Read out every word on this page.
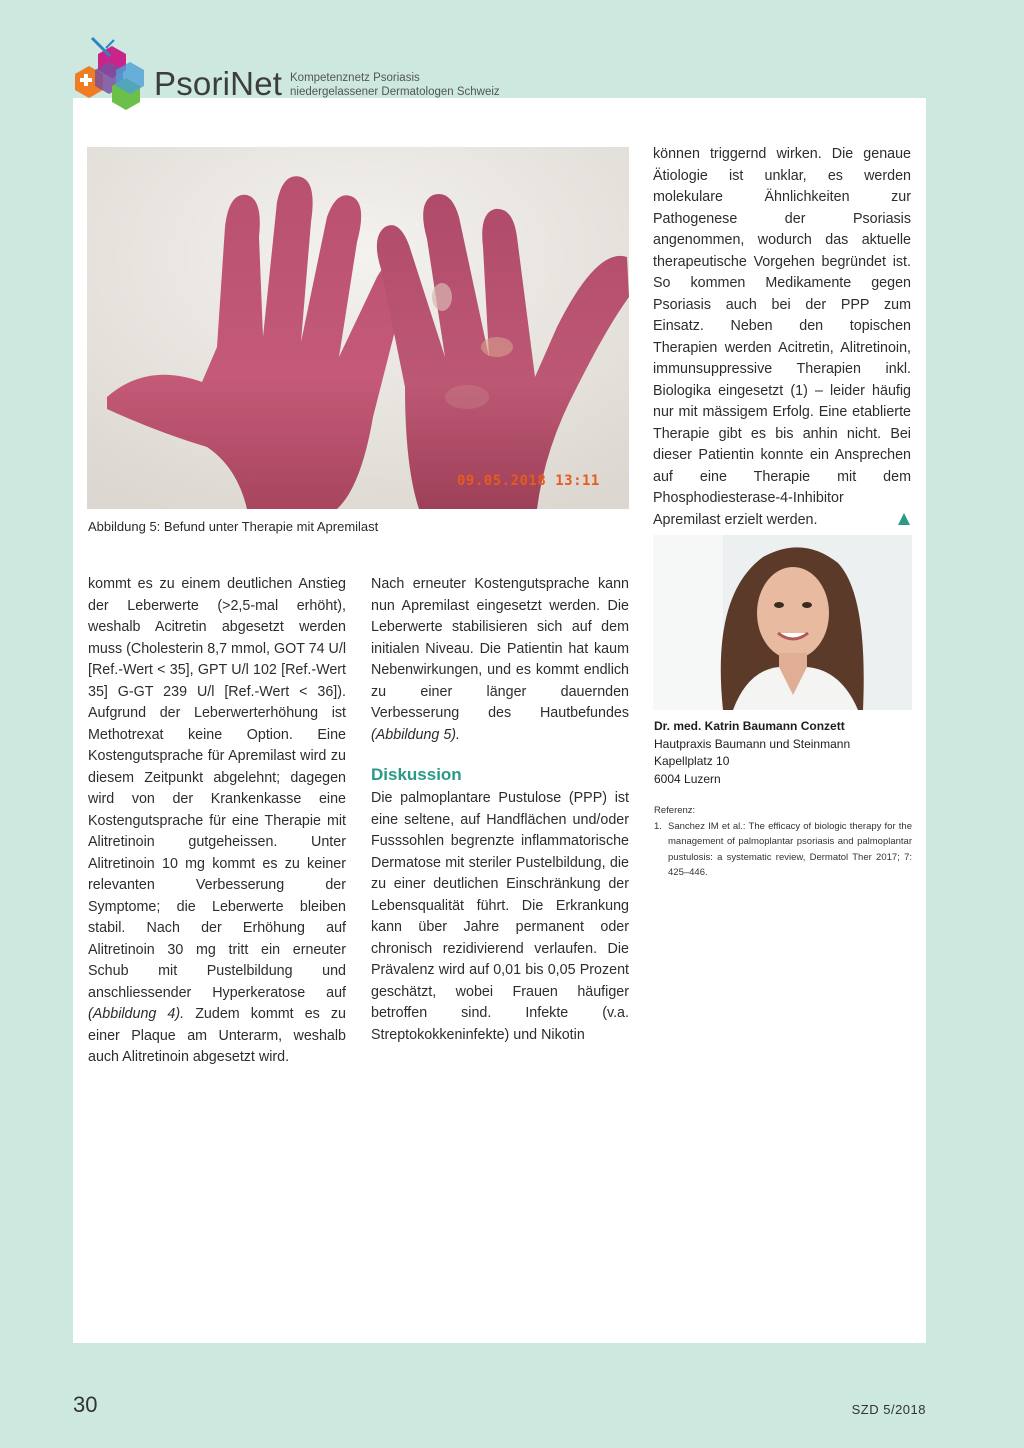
PsoriNet Kompetenznetz Psoriasis
niedergelassener Dermatologen Schweiz
09.05.2018 13:11
Abbildung 5: Befund unter Therapie mit Apremilast

kommt es zu einem deutlichen Anstieg der Leberwerte (>2,5-mal erhöht), weshalb Acitretin abgesetzt werden muss (Cholesterin 8,7 mmol, GOT 74 U/l [Ref.-Wert < 35], GPT U/l 102 [Ref.-Wert 35] G-GT 239 U/l [Ref.-Wert < 36]). Aufgrund der Leberwerterhöhung ist Methotrexat keine Option. Eine Kostengutsprache für Apremilast wird zu diesem Zeitpunkt abgelehnt; dagegen wird von der Krankenkasse eine Kostengutsprache für eine Therapie mit Alitretinoin gutgeheissen. Unter Alitretinoin 10 mg kommt es zu keiner relevanten Verbesserung der Symptome; die Leberwerte bleiben stabil. Nach der Erhöhung auf Alitretinoin 30 mg tritt ein erneuter Schub mit Pustelbildung und anschliessender Hyperkeratose auf (Abbildung 4). Zudem kommt es zu einer Plaque am Unterarm, weshalb auch Alitretinoin abgesetzt wird.

Nach erneuter Kostengutsprache kann nun Apremilast eingesetzt werden. Die Leberwerte stabilisieren sich auf dem initialen Niveau. Die Patientin hat kaum Nebenwirkungen, und es kommt endlich zu einer länger dauernden Verbesserung des Hautbefundes (Abbildung 5).

Diskussion

Die palmoplantare Pustulose (PPP) ist eine seltene, auf Handflächen und/oder Fusssohlen begrenzte inflammatorische Dermatose mit steriler Pustelbildung, die zu einer deutlichen Einschränkung der Lebensqualität führt. Die Erkrankung kann über Jahre permanent oder chronisch rezidivierend verlaufen. Die Prävalenz wird auf 0,01 bis 0,05 Prozent geschätzt, wobei Frauen häufiger betroffen sind. Infekte (v.a. Streptokokkeninfekte) und Nikotin

können triggernd wirken. Die genaue Ätiologie ist unklar, es werden molekulare Ähnlichkeiten zur Pathogenese der Psoriasis angenommen, wodurch das aktuelle therapeutische Vorgehen begründet ist. So kommen Medikamente gegen Psoriasis auch bei der PPP zum Einsatz. Neben den topischen Therapien werden Acitretin, Alitretinoin, immunsuppressive Therapien inkl. Biologika eingesetzt (1) – leider häufig nur mit mässigem Erfolg. Eine etablierte Therapie gibt es bis anhin nicht. Bei dieser Patientin konnte ein Ansprechen auf eine Therapie mit dem Phosphodiesterase-4-Inhibitor Apremilast erzielt werden.

Dr. med. Katrin Baumann Conzett
Hautpraxis Baumann und Steinmann
Kapellplatz 10
6004 Luzern
Referenz:
1. Sanchez IM et al.: The efficacy of biologic therapy for the management of palmoplantar psoriasis and palmoplantar pustulosis: a systematic review, Dermatol Ther 2017; 7: 425–446.
30	SZD 5/2018
